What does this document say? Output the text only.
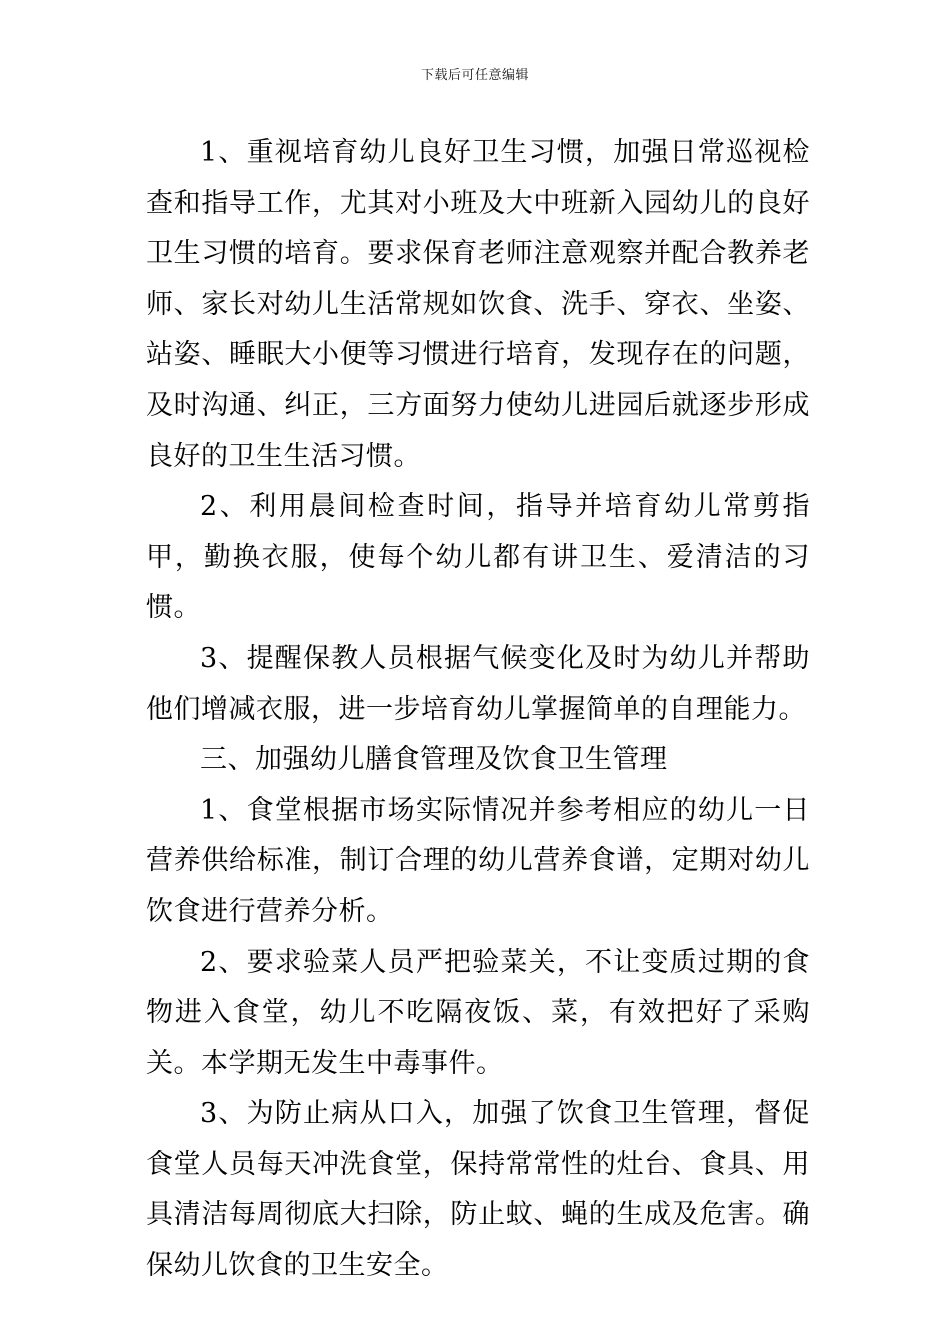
下载后可任意编辑

1、重视培育幼儿良好卫生习惯，加强日常巡视检查和指导工作，尤其对小班及大中班新入园幼儿的良好卫生习惯的培育。要求保育老师注意观察并配合教养老师、家长对幼儿生活常规如饮食、洗手、穿衣、坐姿、站姿、睡眠大小便等习惯进行培育，发现存在的问题，及时沟通、纠正，三方面努力使幼儿进园后就逐步形成良好的卫生生活习惯。

2、利用晨间检查时间，指导并培育幼儿常剪指甲，勤换衣服，使每个幼儿都有讲卫生、爱清洁的习惯。

3、提醒保教人员根据气候变化及时为幼儿并帮助他们增减衣服，进一步培育幼儿掌握简单的自理能力。

三、加强幼儿膳食管理及饮食卫生管理

1、食堂根据市场实际情况并参考相应的幼儿一日营养供给标准，制订合理的幼儿营养食谱，定期对幼儿饮食进行营养分析。

2、要求验菜人员严把验菜关，不让变质过期的食物进入食堂，幼儿不吃隔夜饭、菜，有效把好了采购关。本学期无发生中毒事件。

3、为防止病从口入，加强了饮食卫生管理，督促食堂人员每天冲洗食堂，保持常常性的灶台、食具、用具清洁每周彻底大扫除，防止蚊、蝇的生成及危害。确保幼儿饮食的卫生安全。
